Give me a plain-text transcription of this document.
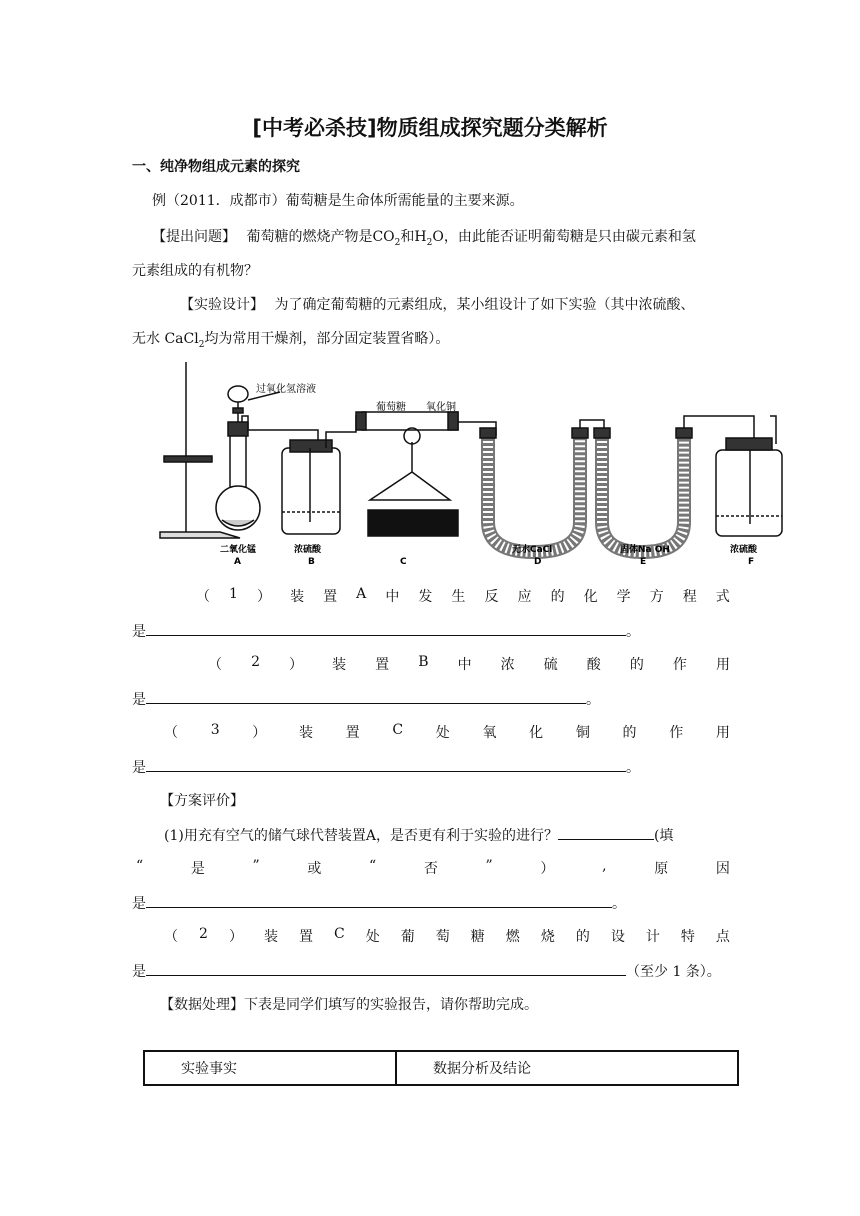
[中考必杀技]物质组成探究题分类解析
一、纯净物组成元素的探究
例（2011．成都市）葡萄糖是生命体所需能量的主要来源。
【提出问题】 葡萄糖的燃烧产物是$CO_2$和$H_2O$，由此能否证明葡萄糖是只由碳元素和氢
元素组成的有机物？
【实验设计】 为了确定葡萄糖的元素组成，某小组设计了如下实验（其中浓硫酸、
无水 CaCl$_2$均为常用干燥剂，部分固定装置省略）。
过氧化氢溶液
葡萄糖 氧化铜
二氧化锰	浓硫酸	无水CaCl	固体Na OH	浓硫酸
A	B	C	D	E	F
（ 1 ） 装 置 A 中 发 生 反 应 的 化 学 方 程 式
是	。
（ 2 ） 装 置 B 中 浓 硫 酸 的 作 用
是	。
（ 3 ） 装 置 C 处 氧 化 铜 的 作 用
是	。
【方案评价】
(1)用充有空气的储气球代替装置A，是否更有利于实验的进行？	(填
“	是	”	或	“	否	”	）	,	原	因
是	。
（ 2 ） 装 置 C 处 葡 萄 糖 燃 烧 的 设 计 特 点
是	（至少 1 条）。
【数据处理】下表是同学们填写的实验报告，请你帮助完成。
实验事实	数据分析及结论
